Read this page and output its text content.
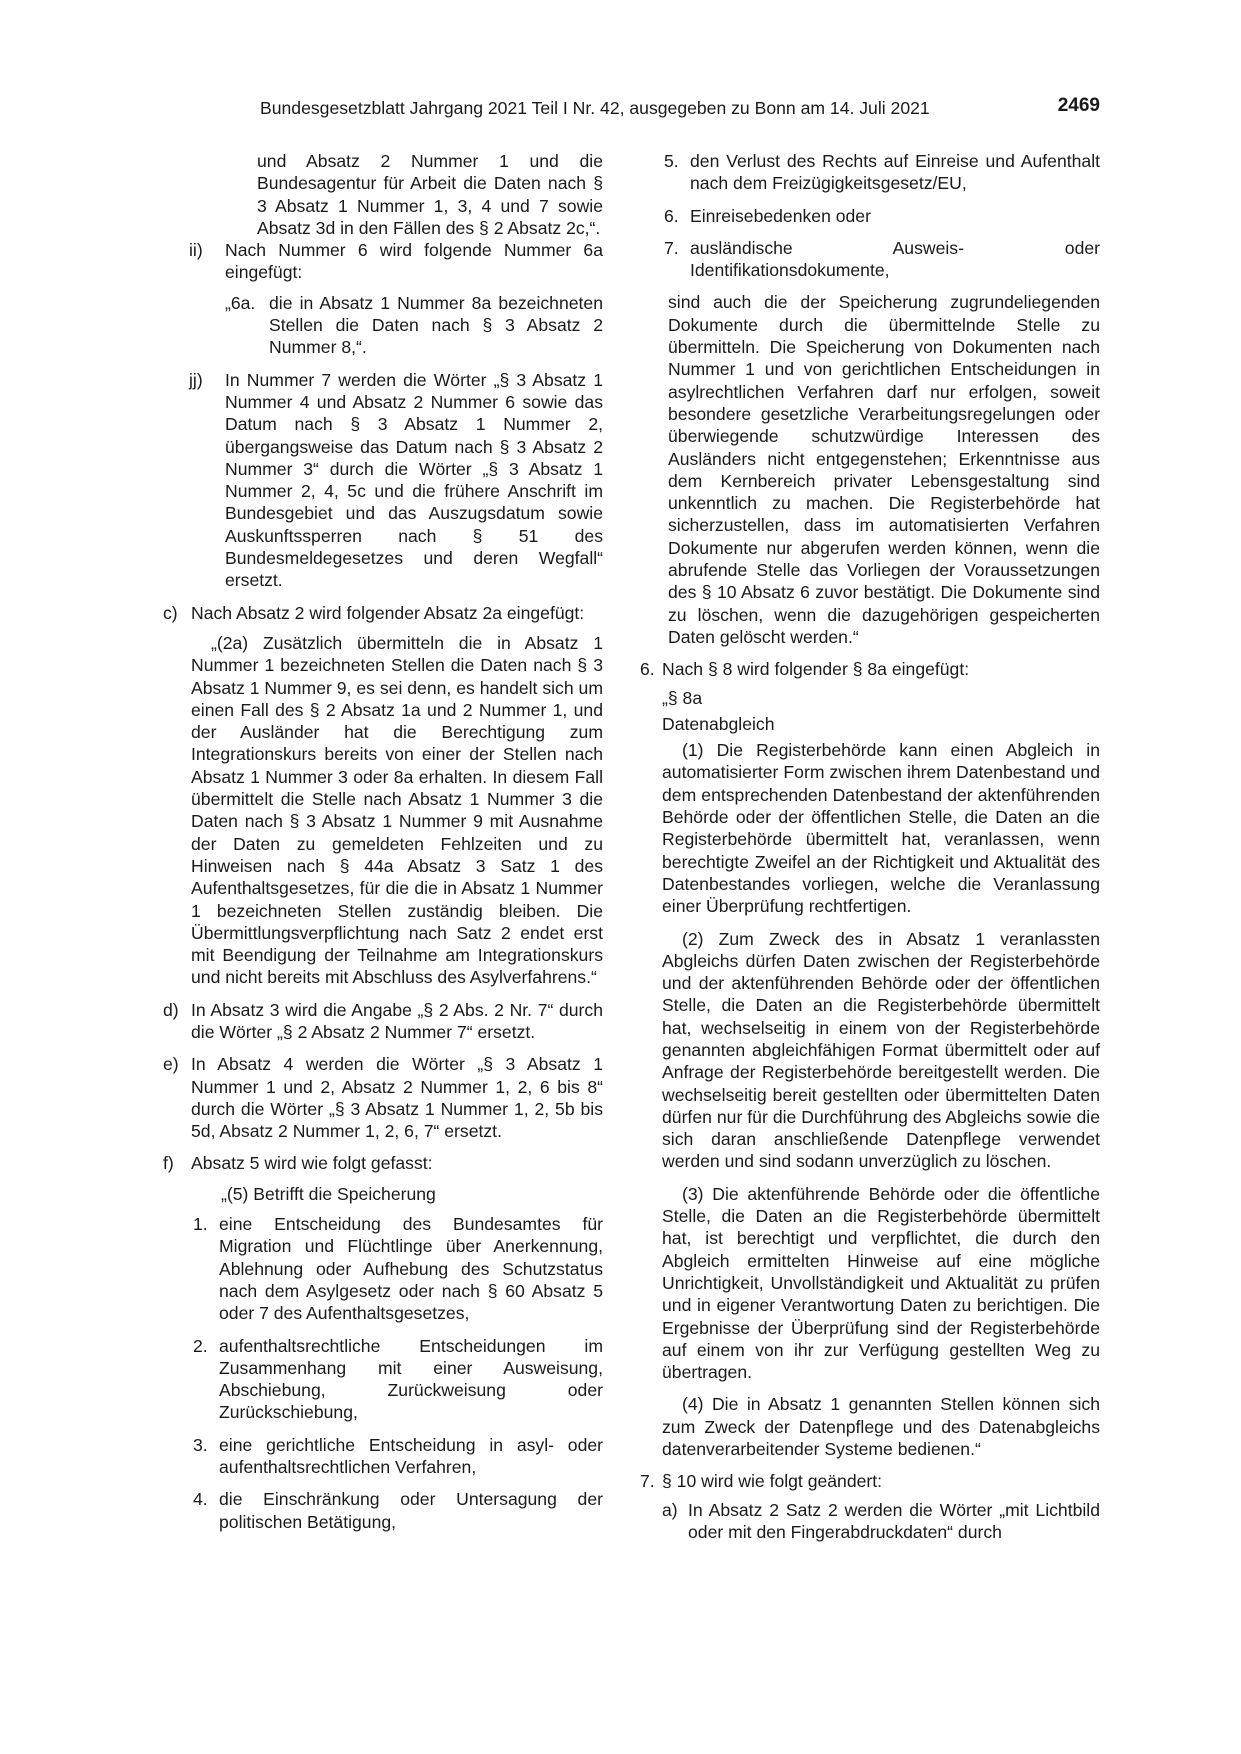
Bundesgesetzblatt Jahrgang 2021 Teil I Nr. 42, ausgegeben zu Bonn am 14. Juli 2021	2469

und Absatz 2 Nummer 1 und die Bundesagentur für Arbeit die Daten nach § 3 Absatz 1 Nummer 1, 3, 4 und 7 sowie Absatz 3d in den Fällen des § 2 Absatz 2c,“.

ii) Nach Nummer 6 wird folgende Nummer 6a eingefügt:

„6a. die in Absatz 1 Nummer 8a bezeichneten Stellen die Daten nach § 3 Absatz 2 Nummer 8,“.

jj) In Nummer 7 werden die Wörter „§ 3 Absatz 1 Nummer 4 und Absatz 2 Nummer 6 sowie das Datum nach § 3 Absatz 1 Nummer 2, übergangsweise das Datum nach § 3 Absatz 2 Nummer 3“ durch die Wörter „§ 3 Absatz 1 Nummer 2, 4, 5c und die frühere Anschrift im Bundesgebiet und das Auszugsdatum sowie Auskunftssperren nach § 51 des Bundesmeldegesetzes und deren Wegfall“ ersetzt.

c) Nach Absatz 2 wird folgender Absatz 2a eingefügt:

„(2a) Zusätzlich übermitteln die in Absatz 1 Nummer 1 bezeichneten Stellen die Daten nach § 3 Absatz 1 Nummer 9, es sei denn, es handelt sich um einen Fall des § 2 Absatz 1a und 2 Nummer 1, und der Ausländer hat die Berechtigung zum Integrationskurs bereits von einer der Stellen nach Absatz 1 Nummer 3 oder 8a erhalten. In diesem Fall übermittelt die Stelle nach Absatz 1 Nummer 3 die Daten nach § 3 Absatz 1 Nummer 9 mit Ausnahme der Daten zu gemeldeten Fehlzeiten und zu Hinweisen nach § 44a Absatz 3 Satz 1 des Aufenthaltsgesetzes, für die die in Absatz 1 Nummer 1 bezeichneten Stellen zuständig bleiben. Die Übermittlungsverpflichtung nach Satz 2 endet erst mit Beendigung der Teilnahme am Integrationskurs und nicht bereits mit Abschluss des Asylverfahrens.“

d) In Absatz 3 wird die Angabe „§ 2 Abs. 2 Nr. 7“ durch die Wörter „§ 2 Absatz 2 Nummer 7“ ersetzt.

e) In Absatz 4 werden die Wörter „§ 3 Absatz 1 Nummer 1 und 2, Absatz 2 Nummer 1, 2, 6 bis 8“ durch die Wörter „§ 3 Absatz 1 Nummer 1, 2, 5b bis 5d, Absatz 2 Nummer 1, 2, 6, 7“ ersetzt.

f) Absatz 5 wird wie folgt gefasst:

„(5) Betrifft die Speicherung

1. eine Entscheidung des Bundesamtes für Migration und Flüchtlinge über Anerkennung, Ablehnung oder Aufhebung des Schutzstatus nach dem Asylgesetz oder nach § 60 Absatz 5 oder 7 des Aufenthaltsgesetzes,

2. aufenthaltsrechtliche Entscheidungen im Zusammenhang mit einer Ausweisung, Abschiebung, Zurückweisung oder Zurückschiebung,

3. eine gerichtliche Entscheidung in asyl- oder aufenthaltsrechtlichen Verfahren,

4. die Einschränkung oder Untersagung der politischen Betätigung,

5. den Verlust des Rechts auf Einreise und Aufenthalt nach dem Freizügigkeitsgesetz/EU,

6. Einreisebedenken oder

7. ausländische Ausweis- oder Identifikationsdokumente,

sind auch die der Speicherung zugrundeliegenden Dokumente durch die übermittelnde Stelle zu übermitteln. Die Speicherung von Dokumenten nach Nummer 1 und von gerichtlichen Entscheidungen in asylrechtlichen Verfahren darf nur erfolgen, soweit besondere gesetzliche Verarbeitungsregelungen oder überwiegende schutzwürdige Interessen des Ausländers nicht entgegenstehen; Erkenntnisse aus dem Kernbereich privater Lebensgestaltung sind unkenntlich zu machen. Die Registerbehörde hat sicherzustellen, dass im automatisierten Verfahren Dokumente nur abgerufen werden können, wenn die abrufende Stelle das Vorliegen der Voraussetzungen des § 10 Absatz 6 zuvor bestätigt. Die Dokumente sind zu löschen, wenn die dazugehörigen gespeicherten Daten gelöscht werden.“

6. Nach § 8 wird folgender § 8a eingefügt:

„§ 8a

Datenabgleich

(1) Die Registerbehörde kann einen Abgleich in automatisierter Form zwischen ihrem Datenbestand und dem entsprechenden Datenbestand der aktenführenden Behörde oder der öffentlichen Stelle, die Daten an die Registerbehörde übermittelt hat, veranlassen, wenn berechtigte Zweifel an der Richtigkeit und Aktualität des Datenbestandes vorliegen, welche die Veranlassung einer Überprüfung rechtfertigen.

(2) Zum Zweck des in Absatz 1 veranlassten Abgleichs dürfen Daten zwischen der Registerbehörde und der aktenführenden Behörde oder der öffentlichen Stelle, die Daten an die Registerbehörde übermittelt hat, wechselseitig in einem von der Registerbehörde genannten abgleichfähigen Format übermittelt oder auf Anfrage der Registerbehörde bereitgestellt werden. Die wechselseitig bereit gestellten oder übermittelten Daten dürfen nur für die Durchführung des Abgleichs sowie die sich daran anschließende Datenpflege verwendet werden und sind sodann unverzüglich zu löschen.

(3) Die aktenführende Behörde oder die öffentliche Stelle, die Daten an die Registerbehörde übermittelt hat, ist berechtigt und verpflichtet, die durch den Abgleich ermittelten Hinweise auf eine mögliche Unrichtigkeit, Unvollständigkeit und Aktualität zu prüfen und in eigener Verantwortung Daten zu berichtigen. Die Ergebnisse der Überprüfung sind der Registerbehörde auf einem von ihr zur Verfügung gestellten Weg zu übertragen.

(4) Die in Absatz 1 genannten Stellen können sich zum Zweck der Datenpflege und des Datenabgleichs datenverarbeitender Systeme bedienen.“

7. § 10 wird wie folgt geändert:

a) In Absatz 2 Satz 2 werden die Wörter „mit Lichtbild oder mit den Fingerabdruckdaten“ durch
